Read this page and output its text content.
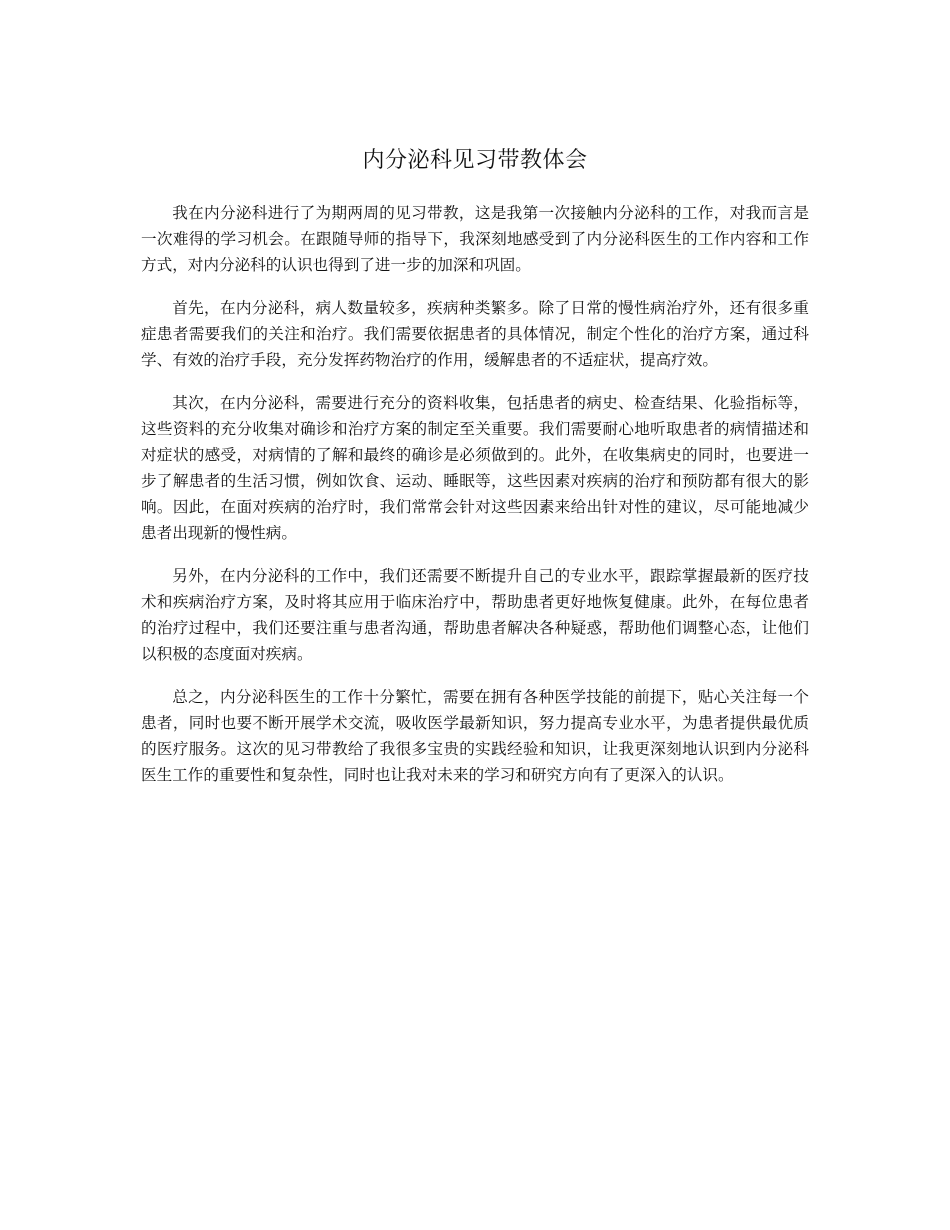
内分泌科见习带教体会

我在内分泌科进行了为期两周的见习带教，这是我第一次接触内分泌科的工作，对我而言是一次难得的学习机会。在跟随导师的指导下，我深刻地感受到了内分泌科医生的工作内容和工作方式，对内分泌科的认识也得到了进一步的加深和巩固。

首先，在内分泌科，病人数量较多，疾病种类繁多。除了日常的慢性病治疗外，还有很多重症患者需要我们的关注和治疗。我们需要依据患者的具体情况，制定个性化的治疗方案，通过科学、有效的治疗手段，充分发挥药物治疗的作用，缓解患者的不适症状，提高疗效。

其次，在内分泌科，需要进行充分的资料收集，包括患者的病史、检查结果、化验指标等，这些资料的充分收集对确诊和治疗方案的制定至关重要。我们需要耐心地听取患者的病情描述和对症状的感受，对病情的了解和最终的确诊是必须做到的。此外，在收集病史的同时，也要进一步了解患者的生活习惯，例如饮食、运动、睡眠等，这些因素对疾病的治疗和预防都有很大的影响。因此，在面对疾病的治疗时，我们常常会针对这些因素来给出针对性的建议，尽可能地减少患者出现新的慢性病。

另外，在内分泌科的工作中，我们还需要不断提升自己的专业水平，跟踪掌握最新的医疗技术和疾病治疗方案，及时将其应用于临床治疗中，帮助患者更好地恢复健康。此外，在每位患者的治疗过程中，我们还要注重与患者沟通，帮助患者解决各种疑惑，帮助他们调整心态，让他们以积极的态度面对疾病。

总之，内分泌科医生的工作十分繁忙，需要在拥有各种医学技能的前提下，贴心关注每一个患者，同时也要不断开展学术交流，吸收医学最新知识，努力提高专业水平，为患者提供最优质的医疗服务。这次的见习带教给了我很多宝贵的实践经验和知识，让我更深刻地认识到内分泌科医生工作的重要性和复杂性，同时也让我对未来的学习和研究方向有了更深入的认识。
